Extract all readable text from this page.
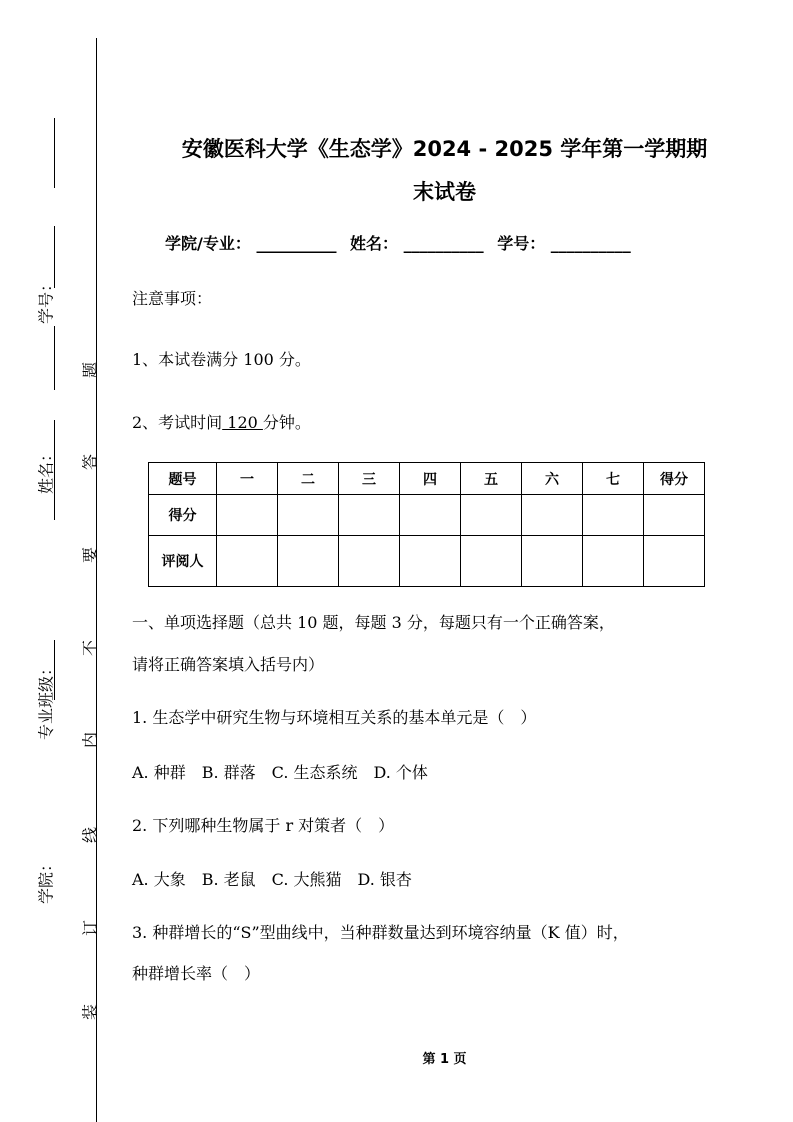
学号：
姓名：
专业班级：
学院：
题
答
要
不
内
线
订
装
安徽医科大学《生态学》2024 - 2025 学年第一学期期
末试卷
学院/专业： __________ 姓名： __________ 学号： __________
注意事项：
1、本试卷满分 100 分。
2、考试时间 120 分钟。
题号	一	二	三	四	五	六	七	得分
得分								
评阅人								
一、单项选择题（总共 10 题，每题 3 分，每题只有一个正确答案，
请将正确答案填入括号内）
1. 生态学中研究生物与环境相互关系的基本单元是（　）
A. 种群　B. 群落　C. 生态系统　D. 个体
2. 下列哪种生物属于 r 对策者（　）
A. 大象　B. 老鼠　C. 大熊猫　D. 银杏
3. 种群增长的“S”型曲线中，当种群数量达到环境容纳量（K 值）时，
种群增长率（　）
第 1 页
